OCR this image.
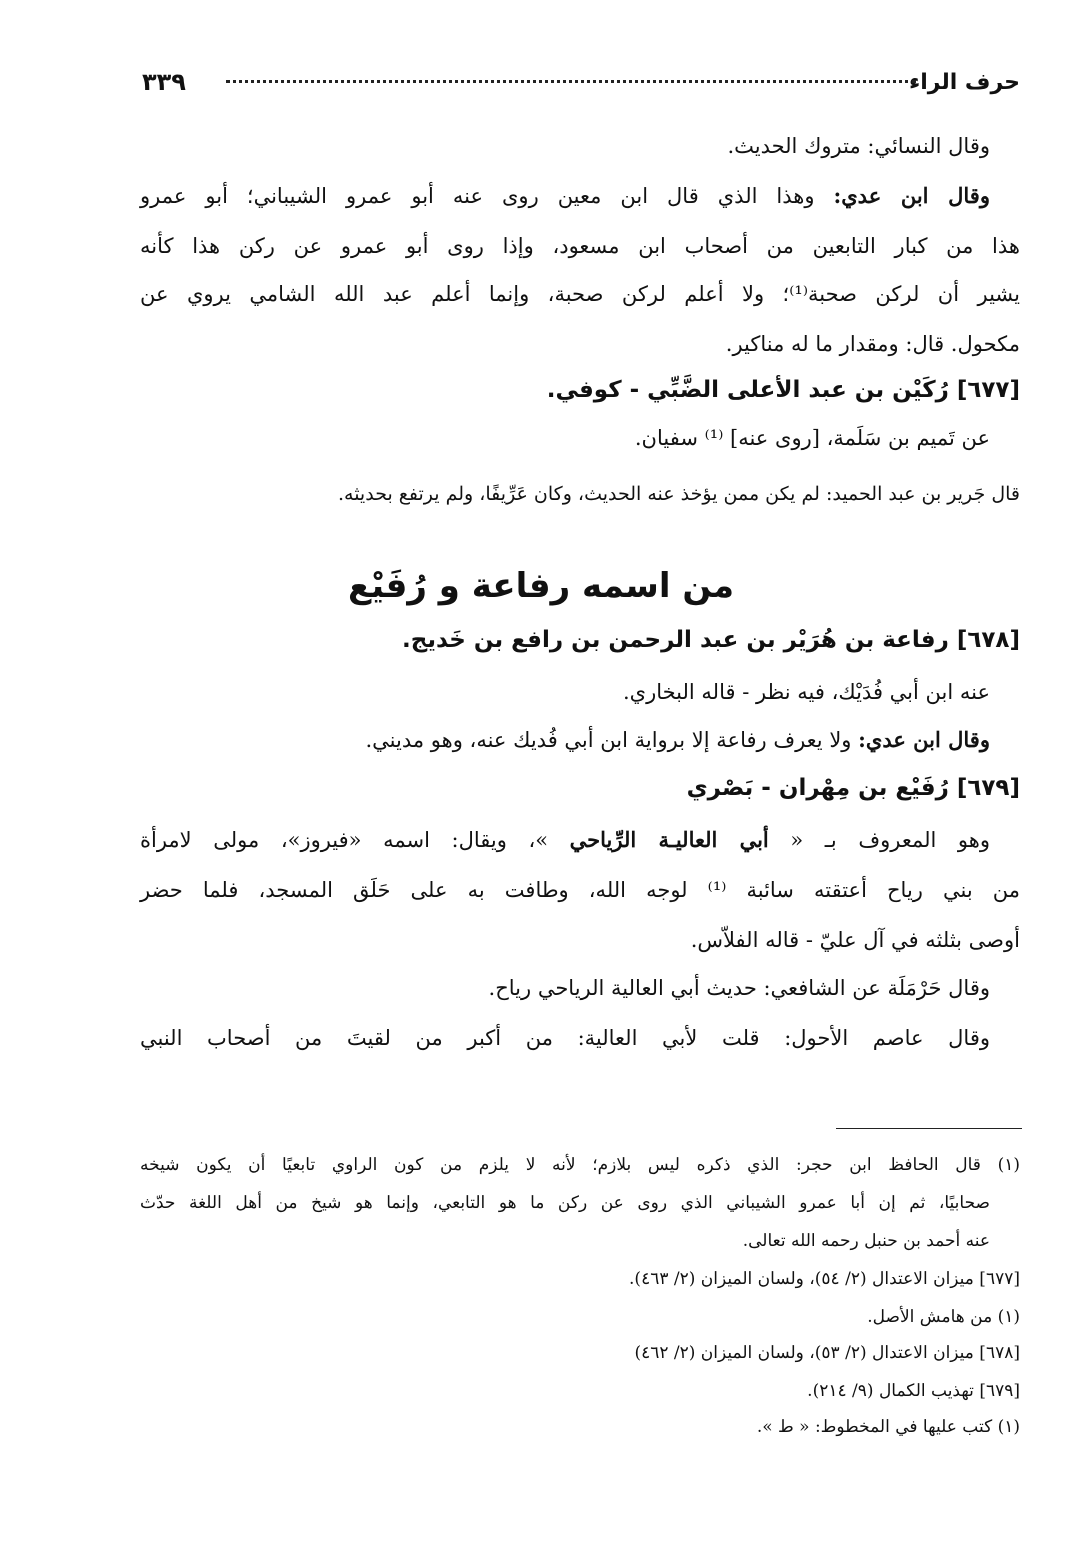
حرف الراء
٣٣٩
وقال النسائي: متروك الحديث.
وقال ابن عدي: وهذا الذي قال ابن معين روى عنه أبو عمرو الشيباني؛ أبو عمرو
هذا من كبار التابعين من أصحاب ابن مسعود، وإذا روى أبو عمرو عن ركن هذا كأنه
يشير أن لركن صحبة⁽¹⁾؛ ولا أعلم لركن صحبة، وإنما أعلم عبد الله الشامي يروي عن
مكحول. قال: ومقدار ما له مناكير.
[٦٧٧] رُكَيْن بن عبد الأعلى الضَّبِّي - كوفي.
عن تَميم بن سَلَمة، [روى عنه] ⁽¹⁾ سفيان.
قال جَرير بن عبد الحميد: لم يكن ممن يؤخذ عنه الحديث، وكان عَرِّيفًا، ولم يرتفع بحديثه.
من اسمه رفاعة و رُفَيْع
[٦٧٨] رفاعة بن هُرَيْر بن عبد الرحمن بن رافع بن خَديج.
عنه ابن أبي فُدَيْك، فيه نظر - قاله البخاري.
وقال ابن عدي: ولا يعرف رفاعة إلا برواية ابن أبي فُديك عنه، وهو مديني.
[٦٧٩] رُفَيْع بن مِهْران - بَصْري
وهو المعروف بـ « أبي العاليـة الرِّياحي »، ويقال: اسمه «فيروز»، مولى لامرأة
من بني رياح أعتقته سائبة ⁽¹⁾ لوجه الله، وطافت به على حَلَق المسجد، فلما حضر
أوصى بثلثه في آل عليّ - قاله الفلاّس.
وقال حَرْمَلَة عن الشافعي: حديث أبي العالية الرياحي رياح.
وقال عاصم الأحول: قلت لأبي العالية: من أكبر من لقيتَ من أصحاب النبي
(١) قال الحافظ ابن حجر: الذي ذكره ليس بلازم؛ لأنه لا يلزم من كون الراوي تابعيًا أن يكون شيخه
صحابيًا، ثم إن أبا عمرو الشيباني الذي روى عن ركن ما هو التابعي، وإنما هو شيخ من أهل اللغة حدّث
عنه أحمد بن حنبل رحمه الله تعالى.
[٦٧٧] ميزان الاعتدال (٢/ ٥٤)، ولسان الميزان (٢/ ٤٦٣).
(١) من هامش الأصل.
[٦٧٨] ميزان الاعتدال (٢/ ٥٣)، ولسان الميزان (٢/ ٤٦٢)
[٦٧٩] تهذيب الكمال (٩/ ٢١٤).
(١) كتب عليها في المخطوط: « ط ».
